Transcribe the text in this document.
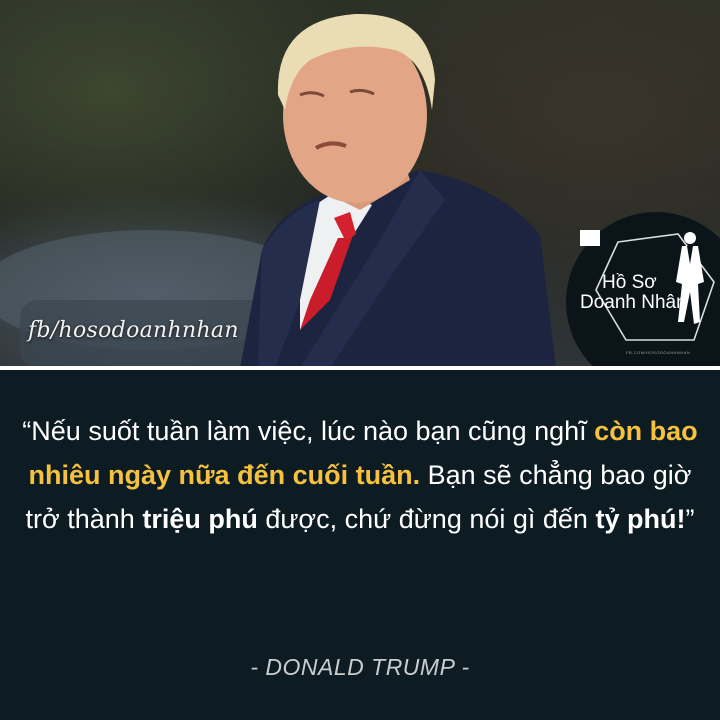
fb/hosodoanhnhan
Hồ Sơ
Doanh Nhân
FB.COM/HOSODOANHNHAN

“Nếu suốt tuần làm việc, lúc nào bạn cũng nghĩ còn bao nhiêu ngày nữa đến cuối tuần. Bạn sẽ chẳng bao giờ trở thành triệu phú được, chứ đừng nói gì đến tỷ phú!”

- DONALD TRUMP -
